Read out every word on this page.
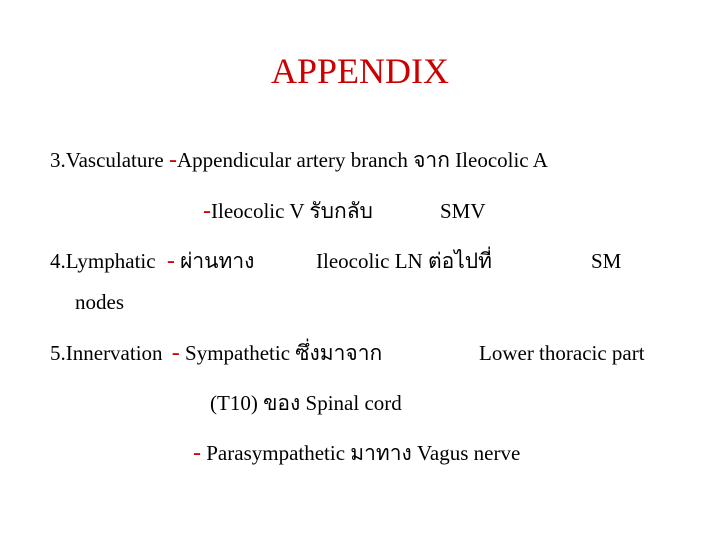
APPENDIX
3.Vasculature -Appendicular artery branch จาก Ileocolic A
-Ileocolic V รับกลับ	SMV
4.Lymphatic - ผ่านทาง	Ileocolic LN ต่อไปที่	SM
nodes
5.Innervation - Sympathetic ซึ่งมาจาก	Lower thoracic part
(T10) ของ Spinal cord
- Parasympathetic มาทาง Vagus nerve
